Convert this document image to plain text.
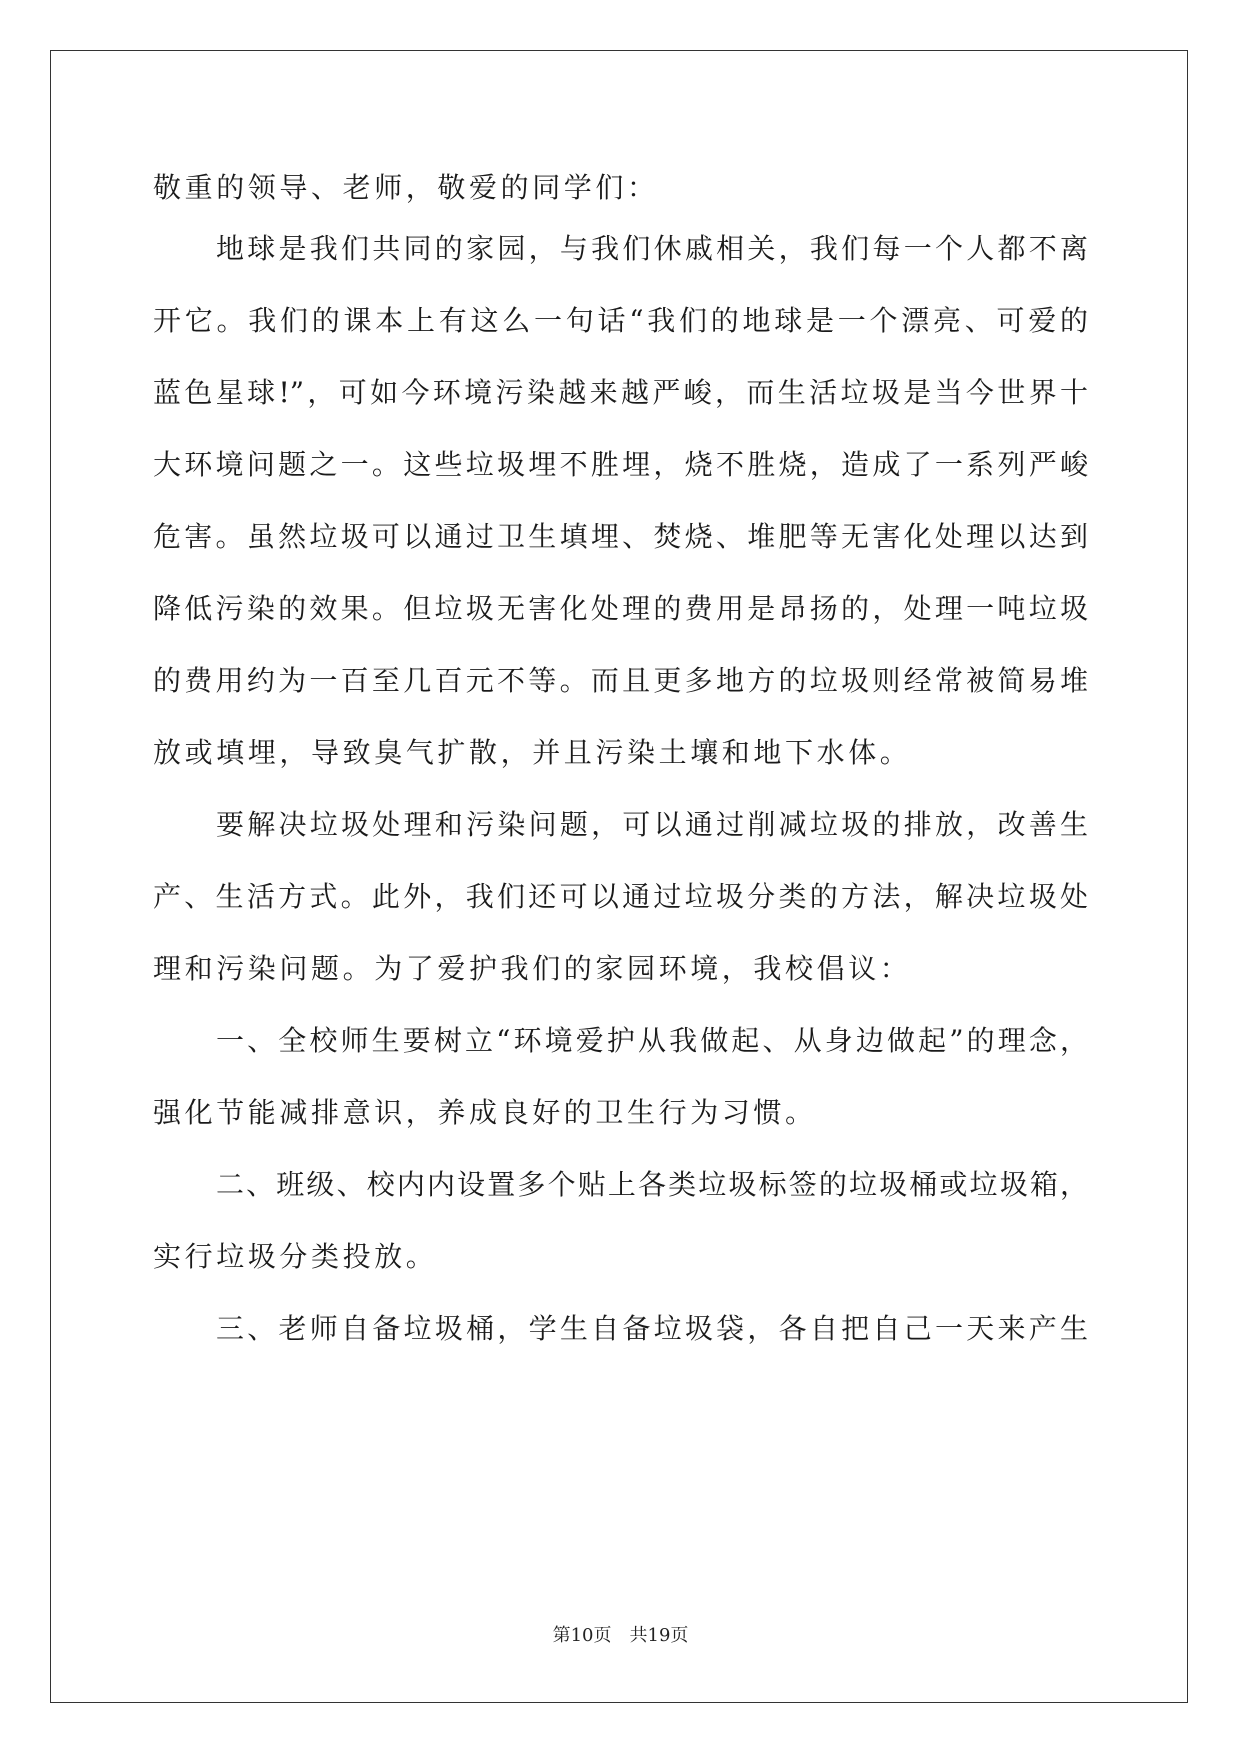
敬重的领导、老师，敬爱的同学们：
地球是我们共同的家园，与我们休戚相关，我们每一个人都不离
开它。我们的课本上有这么一句话“我们的地球是一个漂亮、可爱的
蓝色星球!”，可如今环境污染越来越严峻，而生活垃圾是当今世界十
大环境问题之一。这些垃圾埋不胜埋，烧不胜烧，造成了一系列严峻
危害。虽然垃圾可以通过卫生填埋、焚烧、堆肥等无害化处理以达到
降低污染的效果。但垃圾无害化处理的费用是昂扬的，处理一吨垃圾
的费用约为一百至几百元不等。而且更多地方的垃圾则经常被简易堆
放或填埋，导致臭气扩散，并且污染土壤和地下水体。
要解决垃圾处理和污染问题，可以通过削减垃圾的排放，改善生
产、生活方式。此外，我们还可以通过垃圾分类的方法，解决垃圾处
理和污染问题。为了爱护我们的家园环境，我校倡议：
一、全校师生要树立“环境爱护从我做起、从身边做起”的理念，
强化节能减排意识，养成良好的卫生行为习惯。
二、班级、校内内设置多个贴上各类垃圾标签的垃圾桶或垃圾箱，
实行垃圾分类投放。
三、老师自备垃圾桶，学生自备垃圾袋，各自把自己一天来产生
第10页　共19页
